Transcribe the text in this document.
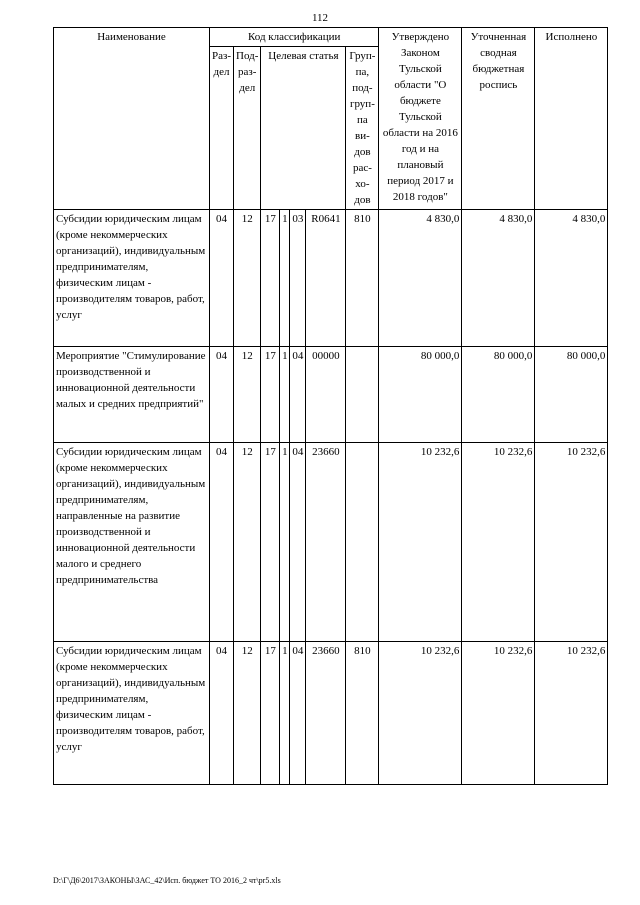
112
Наименование	Код классификации							Утверждено Законом Тульской области "О бюджете Тульской области на 2016 год и на плановый период 2017 и 2018 годов"	Уточненная сводная бюджетная роспись	Исполнено
	Раз-дел	Под-раз-дел	Целевая статья				Груп-па, под-груп-па ви-дов рас-хо-дов			
Субсидии юридическим лицам (кроме некоммерческих организаций), индивидуальным предпринимателям, физическим лицам - производителям товаров, работ, услуг	04	12	17	1	03	R0641	810	4 830,0	4 830,0	4 830,0
Мероприятие "Стимулирование производственной и инновационной деятельности малых и средних предприятий"	04	12	17	1	04	00000		80 000,0	80 000,0	80 000,0
Субсидии юридическим лицам (кроме некоммерческих организаций), индивидуальным предпринимателям, направленные на развитие производственной и инновационной деятельности малого и среднего предпринимательства	04	12	17	1	04	23660		10 232,6	10 232,6	10 232,6
Субсидии юридическим лицам (кроме некоммерческих организаций), индивидуальным предпринимателям, физическим лицам - производителям товаров, работ, услуг	04	12	17	1	04	23660	810	10 232,6	10 232,6	10 232,6
D:\Г\Д6\2017\ЗАКОНЫ\ЗАС_42\Исп. бюджет ТО 2016_2 чт\pr5.xls
